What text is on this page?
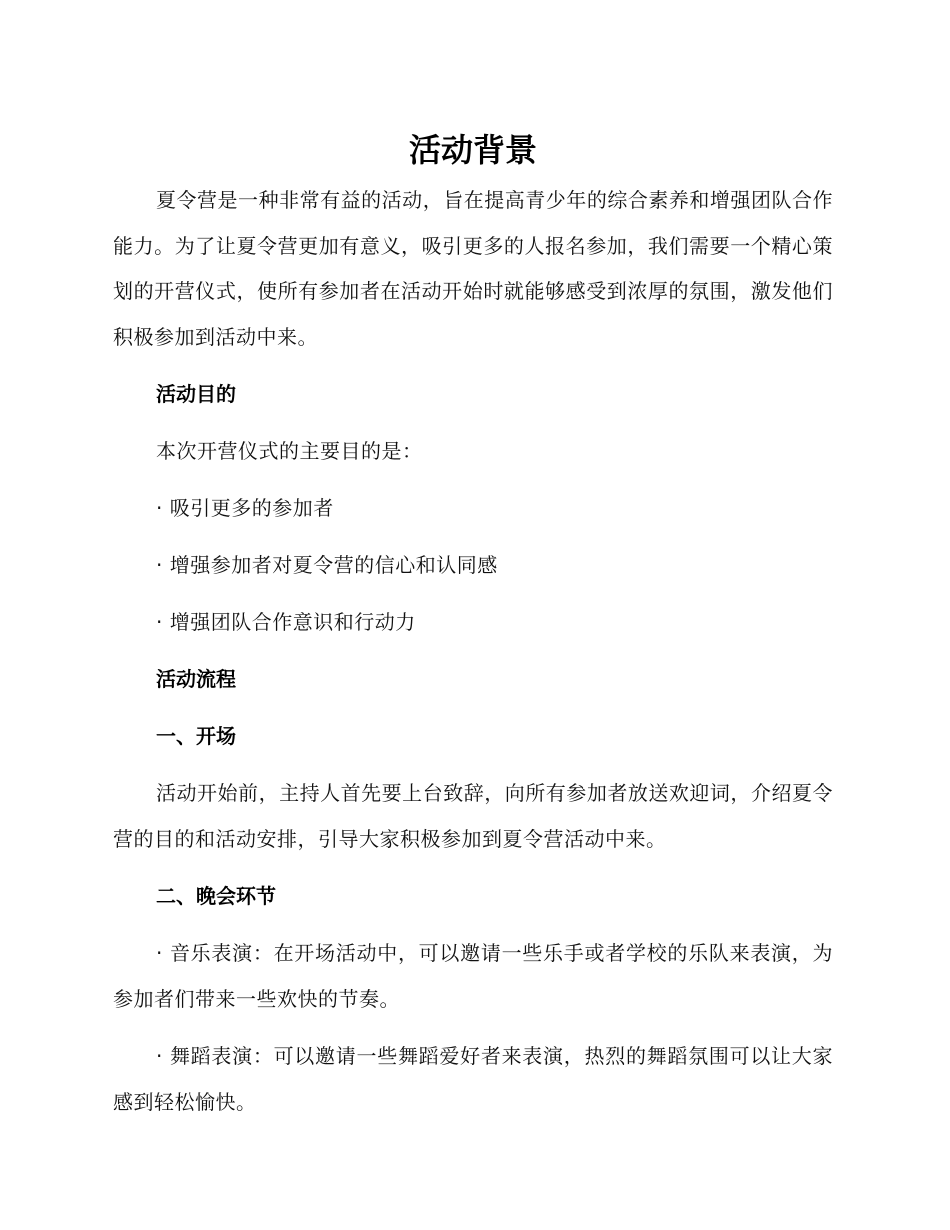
活动背景

夏令营是一种非常有益的活动，旨在提高青少年的综合素养和增强团队合作能力。为了让夏令营更加有意义，吸引更多的人报名参加，我们需要一个精心策划的开营仪式，使所有参加者在活动开始时就能够感受到浓厚的氛围，激发他们积极参加到活动中来。

活动目的

本次开营仪式的主要目的是：

· 吸引更多的参加者

· 增强参加者对夏令营的信心和认同感

· 增强团队合作意识和行动力

活动流程

一、开场

活动开始前，主持人首先要上台致辞，向所有参加者放送欢迎词，介绍夏令营的目的和活动安排，引导大家积极参加到夏令营活动中来。

二、晚会环节

· 音乐表演：在开场活动中，可以邀请一些乐手或者学校的乐队来表演，为参加者们带来一些欢快的节奏。

· 舞蹈表演：可以邀请一些舞蹈爱好者来表演，热烈的舞蹈氛围可以让大家感到轻松愉快。
